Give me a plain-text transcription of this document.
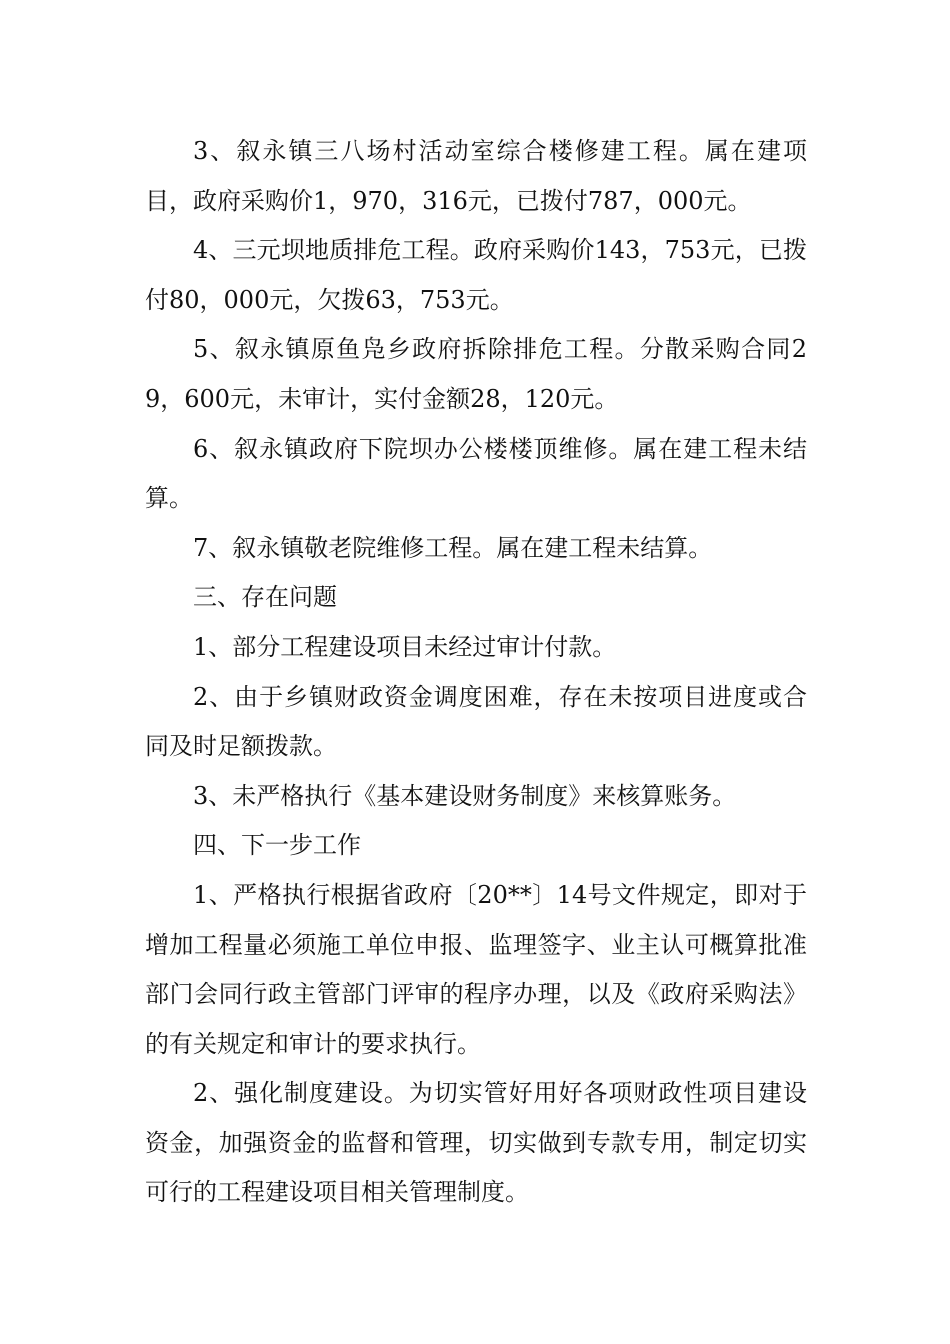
3、叙永镇三八场村活动室综合楼修建工程。属在建项目，政府采购价1，970，316元，已拨付787，000元。

4、三元坝地质排危工程。政府采购价143，753元，已拨付80，000元，欠拨63，753元。

5、叙永镇原鱼凫乡政府拆除排危工程。分散采购合同29，600元，未审计，实付金额28，120元。

6、叙永镇政府下院坝办公楼楼顶维修。属在建工程未结算。

7、叙永镇敬老院维修工程。属在建工程未结算。

三、存在问题

1、部分工程建设项目未经过审计付款。

2、由于乡镇财政资金调度困难，存在未按项目进度或合同及时足额拨款。

3、未严格执行《基本建设财务制度》来核算账务。

四、下一步工作

1、严格执行根据省政府〔20**〕14号文件规定，即对于增加工程量必须施工单位申报、监理签字、业主认可概算批准部门会同行政主管部门评审的程序办理，以及《政府采购法》的有关规定和审计的要求执行。

2、强化制度建设。为切实管好用好各项财政性项目建设资金，加强资金的监督和管理，切实做到专款专用，制定切实可行的工程建设项目相关管理制度。
